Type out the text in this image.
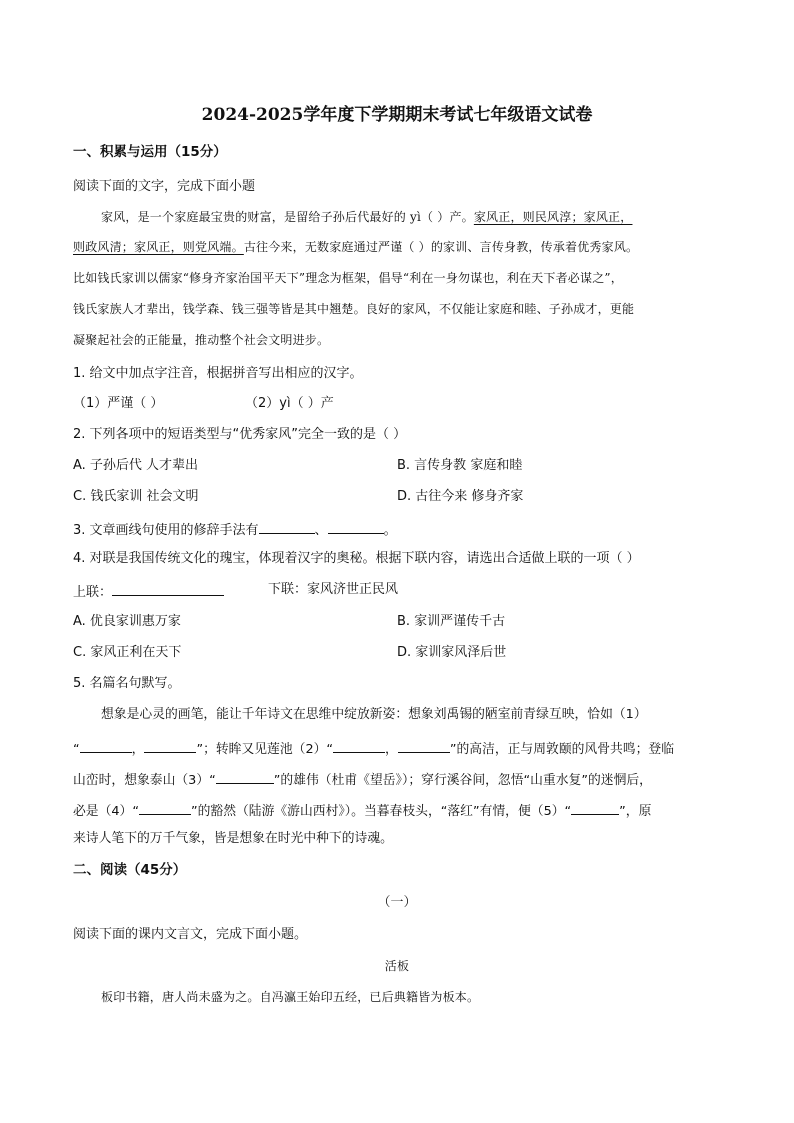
2024-2025学年度下学期期末考试七年级语文试卷
一、积累与运用（15分）
阅读下面的文字，完成下面小题
家风，是一个家庭最宝贵的财富，是留给子孙后代最好的 yì（ ）产。家风正，则民风淳；家风正，
则政风清；家风正，则党风端。古往今来，无数家庭通过严谨（ ）的家训、言传身教，传承着优秀家风。
比如钱氏家训以儒家“修身齐家治国平天下”理念为框架，倡导“利在一身勿谋也，利在天下者必谋之”，
钱氏家族人才辈出，钱学森、钱三强等皆是其中翘楚。良好的家风，不仅能让家庭和睦、子孙成才，更能
凝聚起社会的正能量，推动整个社会文明进步。
1. 给文中加点字注音，根据拼音写出相应的汉字。
（1）严谨（ ）	（2）yì（ ）产
2. 下列各项中的短语类型与“优秀家风”完全一致的是（ ）
A. 子孙后代 人才辈出	B. 言传身教 家庭和睦
C. 钱氏家训 社会文明	D. 古往今来 修身齐家
3. 文章画线句使用的修辞手法有	、	。
4. 对联是我国传统文化的瑰宝，体现着汉字的奥秘。根据下联内容，请选出合适做上联的一项（ ）
上联：	下联：家风济世正民风
A. 优良家训惠万家	B. 家训严谨传千古
C. 家风正利在天下	D. 家训家风泽后世
5. 名篇名句默写。
想象是心灵的画笔，能让千年诗文在思维中绽放新姿：想象刘禹锡的陋室前青绿互映，恰如（1）
“	，	”；转眸又见莲池（2）“	，	”的高洁，正与周敦颐的风骨共鸣；登临
山峦时，想象泰山（3）“	”的雄伟（杜甫《望岳》）；穿行溪谷间，忽悟“山重水复”的迷惘后，
必是（4）“	”的豁然（陆游《游山西村》）。当暮春枝头，“落红”有情，便（5）“	”，原
来诗人笔下的万千气象，皆是想象在时光中种下的诗魂。
二、阅读（45分）
（一）
阅读下面的课内文言文，完成下面小题。
活板
板印书籍，唐人尚未盛为之。自冯瀛王始印五经，已后典籍皆为板本。
